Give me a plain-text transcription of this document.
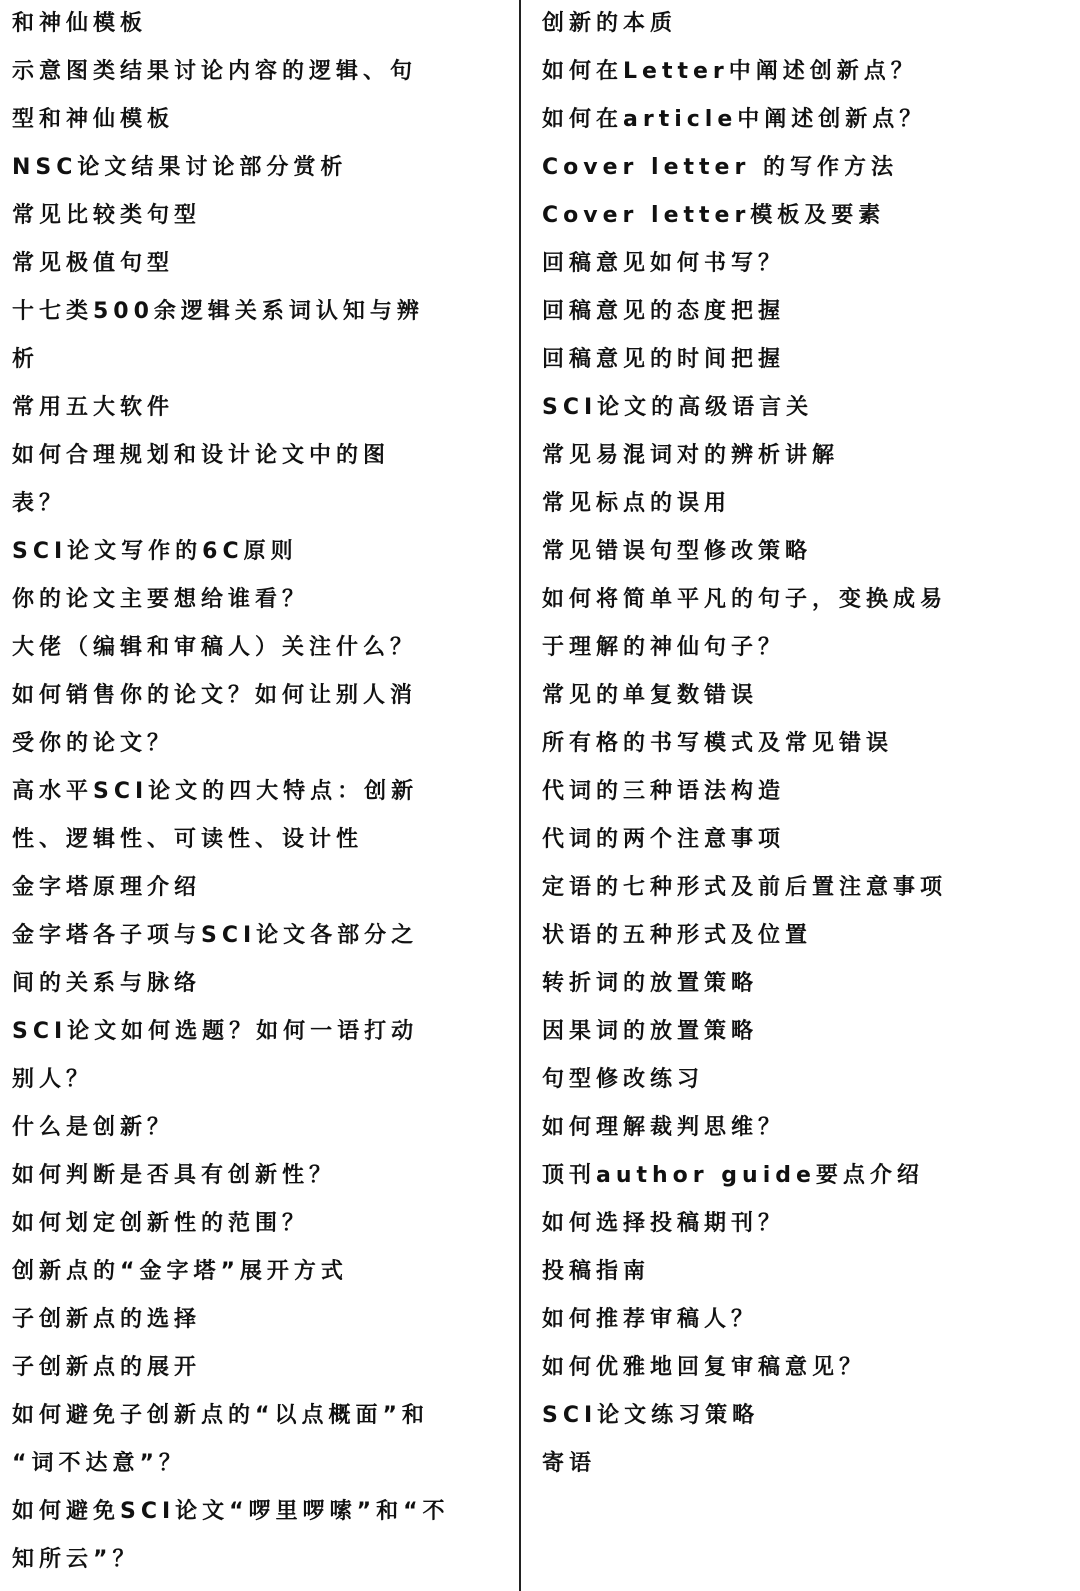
和神仙模板
示意图类结果讨论内容的逻辑、句
型和神仙模板
NSC论文结果讨论部分赏析
常见比较类句型
常见极值句型
十七类500余逻辑关系词认知与辨
析
常用五大软件
如何合理规划和设计论文中的图
表？
SCI论文写作的6C原则
你的论文主要想给谁看？
大佬（编辑和审稿人）关注什么？
如何销售你的论文？如何让别人消
受你的论文？
高水平SCI论文的四大特点：创新
性、逻辑性、可读性、设计性
金字塔原理介绍
金字塔各子项与SCI论文各部分之
间的关系与脉络
SCI论文如何选题？如何一语打动
别人？
什么是创新？
如何判断是否具有创新性？
如何划定创新性的范围？
创新点的“金字塔”展开方式
子创新点的选择
子创新点的展开
如何避免子创新点的“以点概面”和
“词不达意”？
如何避免SCI论文“啰里啰嗦”和“不
知所云”？
创新的本质
如何在Letter中阐述创新点？
如何在article中阐述创新点？
Cover letter 的写作方法
Cover letter模板及要素
回稿意见如何书写？
回稿意见的态度把握
回稿意见的时间把握
SCI论文的高级语言关
常见易混词对的辨析讲解
常见标点的误用
常见错误句型修改策略
如何将简单平凡的句子，变换成易
于理解的神仙句子？
常见的单复数错误
所有格的书写模式及常见错误
代词的三种语法构造
代词的两个注意事项
定语的七种形式及前后置注意事项
状语的五种形式及位置
转折词的放置策略
因果词的放置策略
句型修改练习
如何理解裁判思维？
顶刊author guide要点介绍
如何选择投稿期刊？
投稿指南
如何推荐审稿人？
如何优雅地回复审稿意见？
SCI论文练习策略
寄语
